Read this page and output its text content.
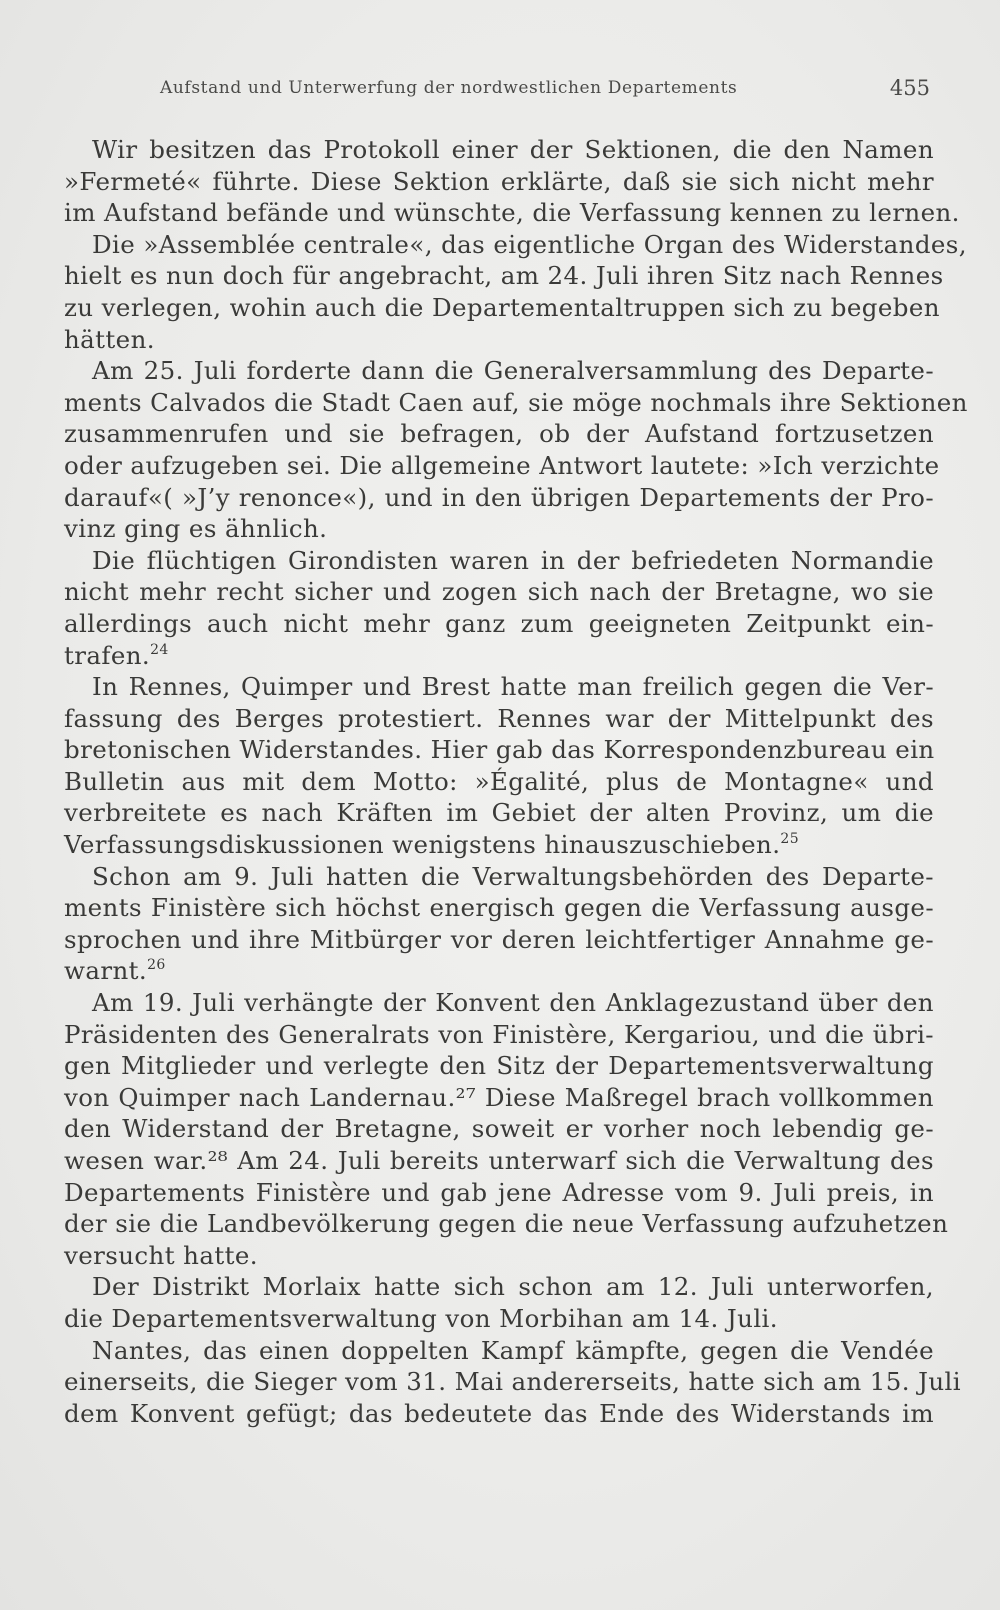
Aufstand und Unterwerfung der nordwestlichen Departements	455
Wir besitzen das Protokoll einer der Sektionen, die den Namen
»Fermeté« führte. Diese Sektion erklärte, daß sie sich nicht mehr
im Aufstand befände und wünschte, die Verfassung kennen zu lernen.
Die »Assemblée centrale«, das eigentliche Organ des Widerstandes,
hielt es nun doch für angebracht, am 24. Juli ihren Sitz nach Rennes
zu verlegen, wohin auch die Departementaltruppen sich zu begeben
hätten.
Am 25. Juli forderte dann die Generalversammlung des Departe-
ments Calvados die Stadt Caen auf, sie möge nochmals ihre Sektionen
zusammenrufen und sie befragen, ob der Aufstand fortzusetzen
oder aufzugeben sei. Die allgemeine Antwort lautete: »Ich verzichte
darauf«( »J’y renonce«), und in den übrigen Departements der Pro-
vinz ging es ähnlich.
Die flüchtigen Girondisten waren in der befriedeten Normandie
nicht mehr recht sicher und zogen sich nach der Bretagne, wo sie
allerdings auch nicht mehr ganz zum geeigneten Zeitpunkt ein-
trafen.$^{24}$
In Rennes, Quimper und Brest hatte man freilich gegen die Ver-
fassung des Berges protestiert. Rennes war der Mittelpunkt des
bretonischen Widerstandes. Hier gab das Korrespondenzbureau ein
Bulletin aus mit dem Motto: »Égalité, plus de Montagne« und
verbreitete es nach Kräften im Gebiet der alten Provinz, um die
Verfassungsdiskussionen wenigstens hinauszuschieben.$^{25}$
Schon am 9. Juli hatten die Verwaltungsbehörden des Departe-
ments Finistère sich höchst energisch gegen die Verfassung ausge-
sprochen und ihre Mitbürger vor deren leichtfertiger Annahme ge-
warnt.$^{26}$
Am 19. Juli verhängte der Konvent den Anklagezustand über den
Präsidenten des Generalrats von Finistère, Kergariou, und die übri-
gen Mitglieder und verlegte den Sitz der Departementsverwaltung
von Quimper nach Landernau.²⁷ Diese Maßregel brach vollkommen
den Widerstand der Bretagne, soweit er vorher noch lebendig ge-
wesen war.²⁸ Am 24. Juli bereits unterwarf sich die Verwaltung des
Departements Finistère und gab jene Adresse vom 9. Juli preis, in
der sie die Landbevölkerung gegen die neue Verfassung aufzuhetzen
versucht hatte.
Der Distrikt Morlaix hatte sich schon am 12. Juli unterworfen,
die Departementsverwaltung von Morbihan am 14. Juli.
Nantes, das einen doppelten Kampf kämpfte, gegen die Vendée
einerseits, die Sieger vom 31. Mai andererseits, hatte sich am 15. Juli
dem Konvent gefügt; das bedeutete das Ende des Widerstands im
